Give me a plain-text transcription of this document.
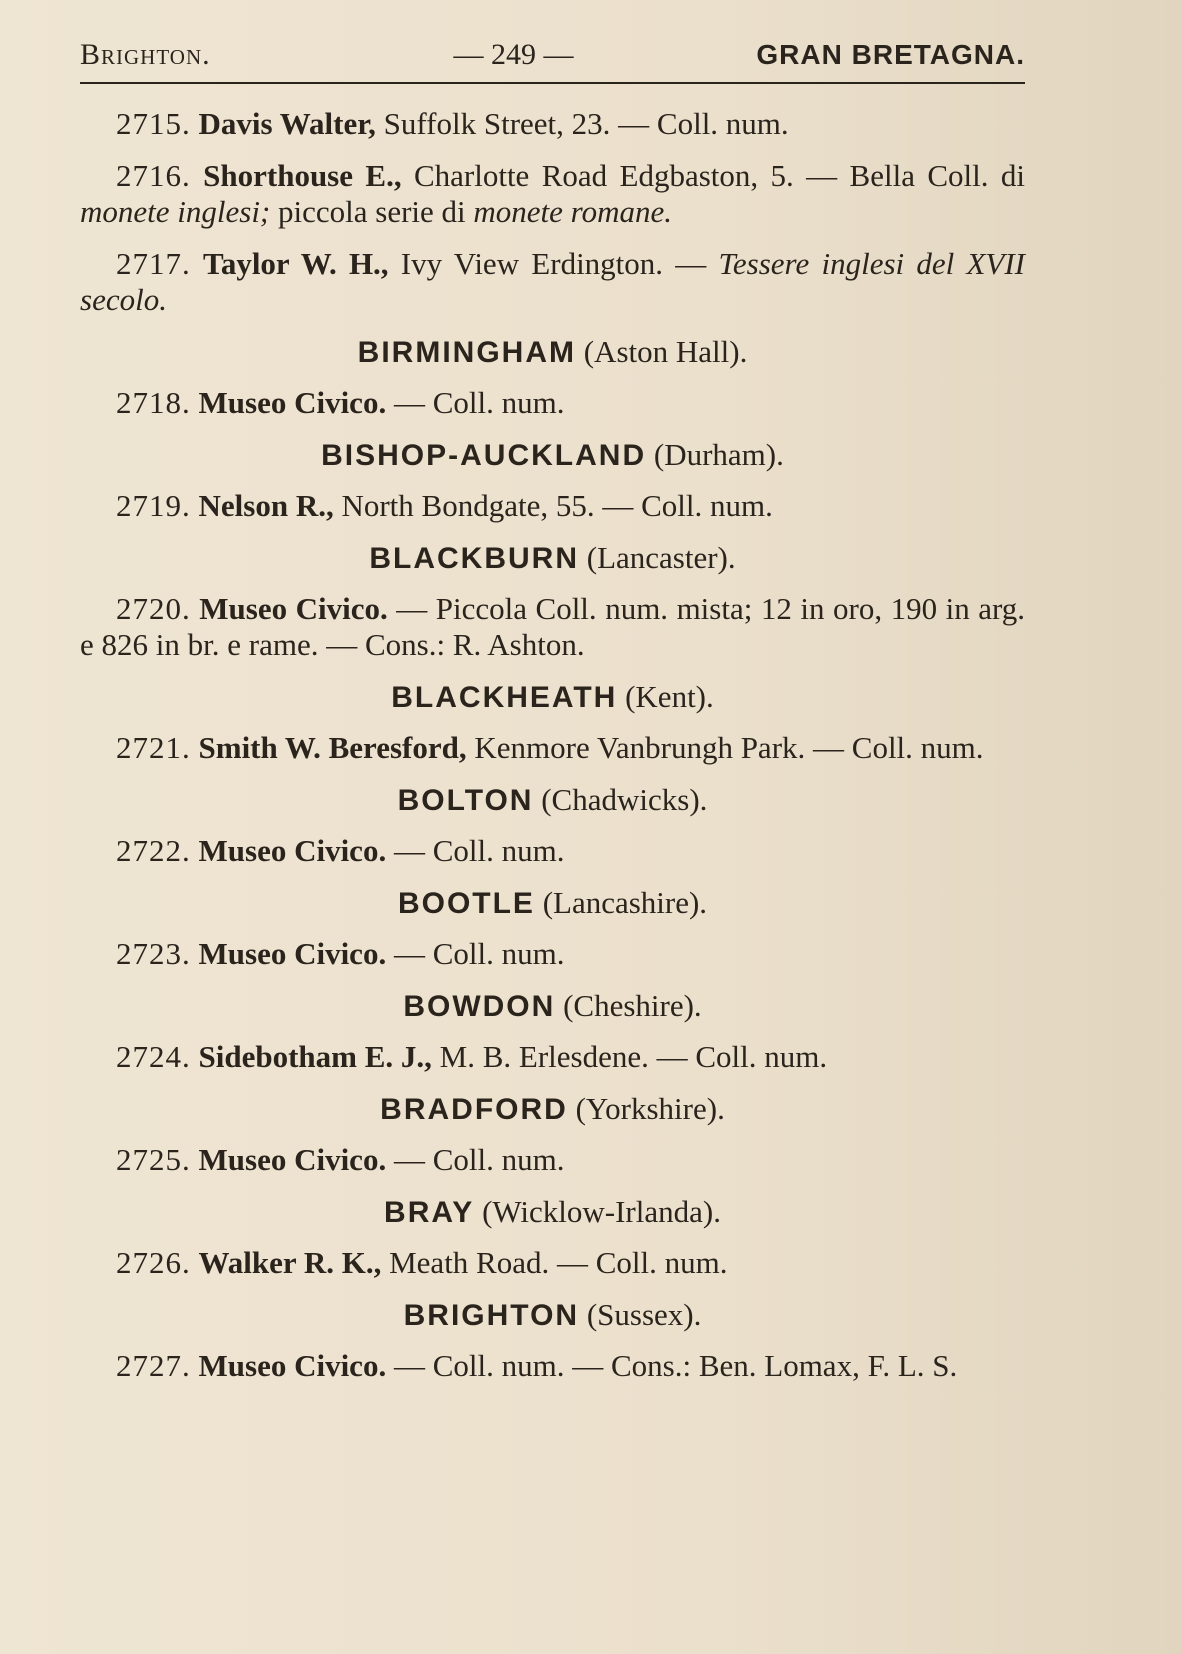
Brighton.	— 249 —	GRAN BRETAGNA.

2715. Davis Walter, Suffolk Street, 23. — Coll. num.

2716. Shorthouse E., Charlotte Road Edgbaston, 5. — Bella Coll. di monete inglesi; piccola serie di monete romane.

2717. Taylor W. H., Ivy View Erdington. — Tessere inglesi del XVII secolo.

BIRMINGHAM (Aston Hall).

2718. Museo Civico. — Coll. num.

BISHOP-AUCKLAND (Durham).

2719. Nelson R., North Bondgate, 55. — Coll. num.

BLACKBURN (Lancaster).

2720. Museo Civico. — Piccola Coll. num. mista; 12 in oro, 190 in arg. e 826 in br. e rame. — Cons.: R. Ashton.

BLACKHEATH (Kent).

2721. Smith W. Beresford, Kenmore Vanbrungh Park. — Coll. num.

BOLTON (Chadwicks).

2722. Museo Civico. — Coll. num.

BOOTLE (Lancashire).

2723. Museo Civico. — Coll. num.

BOWDON (Cheshire).

2724. Sidebotham E. J., M. B. Erlesdene. — Coll. num.

BRADFORD (Yorkshire).

2725. Museo Civico. — Coll. num.

BRAY (Wicklow-Irlanda).

2726. Walker R. K., Meath Road. — Coll. num.

BRIGHTON (Sussex).

2727. Museo Civico. — Coll. num. — Cons.: Ben. Lomax, F. L. S.
